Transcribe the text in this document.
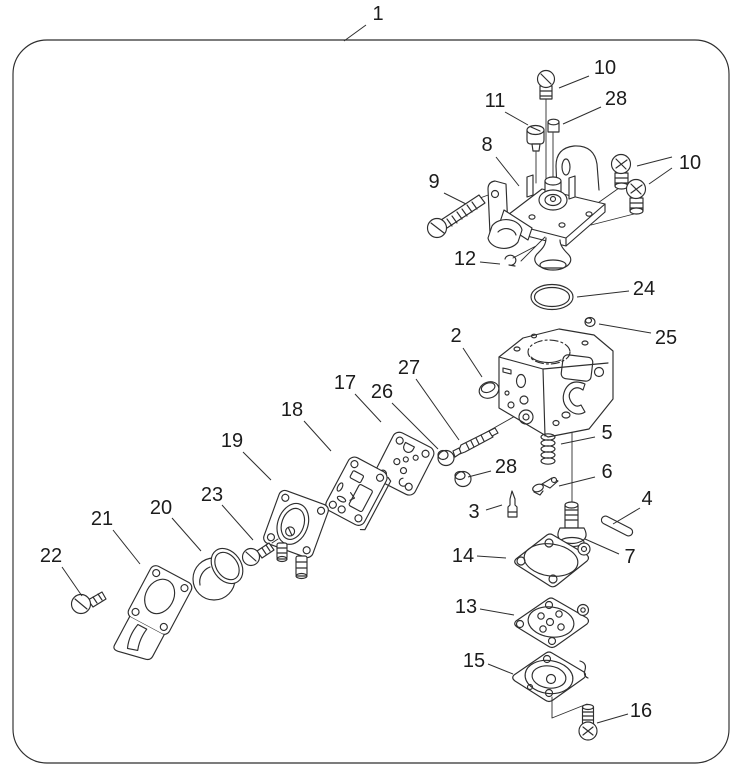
1
10
28
11
8
9
10
12
24
25
2
27
26
17
18
19
23
20
21
22
5
6
4
28
3
7
14
13
15
16
